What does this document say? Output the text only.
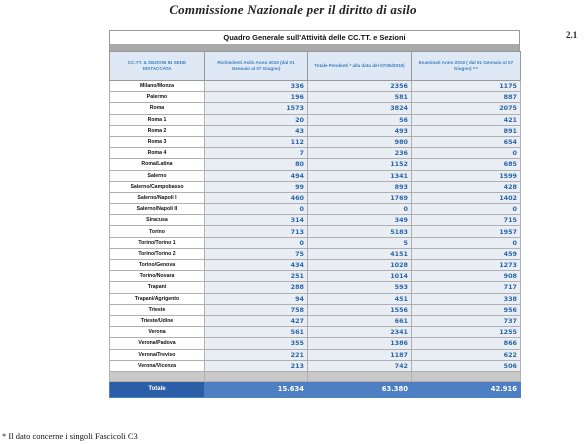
Commissione Nazionale per il diritto di asilo
2.1
Quadro Generale sull'Attività delle CC.TT. e Sezioni
CC.TT. & SEZIONI IN SEDE DISTACCATA	Richiedenti Asilo Anno 2019 (dal 01 Gennaio al 07 Giugno)	Totale Pendenti * alla data del 07/06/2019)	Esaminati Anno 2019 ( dal 01 Gennaio al 07 Giugno) ^^
Milano/Monza	336	2356	1175
Palermo	196	581	887
Roma	1573	3824	2075
Roma 1	20	56	421
Roma 2	43	493	891
Roma 3	112	980	654
Roma 4	7	236	0
Roma/Latina	80	1152	685
Salerno	494	1341	1599
Salerno/Campobasso	99	893	428
Salerno/Napoli I	460	1769	1402
Salerno/Napoli II	0	0	0
Siracusa	314	349	715
Torino	713	5183	1957
Torino/Torino 1	0	5	0
Torino/Torino 2	75	4151	459
Torino/Genova	434	1028	1273
Torino/Novara	251	1014	908
Trapani	288	593	717
Trapani/Agrigento	94	451	338
Trieste	758	1556	956
Trieste/Udine	427	661	737
Verona	561	2341	1255
Verona/Padova	355	1386	866
Verona/Treviso	221	1187	622
Verona/Vicenza	213	742	506

Totale	15.634	63.380	42.916
* Il dato concerne i singoli Fascicoli C3
